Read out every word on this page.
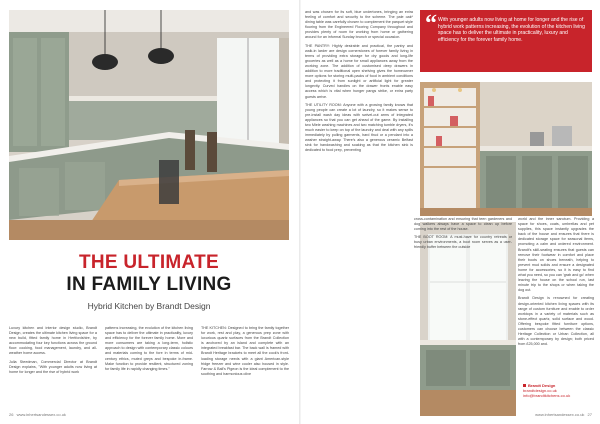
THE ULTIMATE
IN FAMILY LIVING
Hybrid Kitchen by Brandt Design

Luxury kitchen and interior design studio, Brandt Design, creates the ultimate kitchen living space for a new build, fitted family home in Hertfordshire, by accommodating four key functions across the ground floor: cooking, food management, laundry, and all-weather home access.

Julia Steedman, Commercial Director at Brandt Design explains, "With younger adults now living at home for longer and the rise of hybrid work

patterns increasing, the evolution of the kitchen living space has to deliver the ultimate in practicality, luxury and efficiency for the forever family home. More and more consumers are taking a long-term, holistic approach to design with contemporary classic colours and materials coming to the fore in terms of mid-century ethics, muted greys and bespoke in-frame. Make function to provide resilient, structured zoning for family life in rapidly changing times."

THE KITCHEN: Designed to bring the family together for work, rest and play, a generous prep zone with luxurious quartz surfaces from the Brandt Collection is anchored by an island and complete with an integrated breakfast bar. The back wall is framed with Brandt Heritage brackets to meet all the cook's front-loading storage needs with a giant American-style fridge freezer and wine cooler also housed in style. Farrow & Ball's Pigeon is the ideal complement to the soothing and harmonious olive

26 www.inhertsandessex.co.uk

and was chosen for its soft, blue undertones, bringing an extra feeling of comfort and security to the scheme. The pale oak* dining table was carefully chosen to complement the parquet style flooring from the Engineered Flooring Company throughout and provides plenty of room for working from home or gathering around for an informal Sunday brunch or special occasion.

THE PANTRY: Highly desirable and practical, the pantry and walk-in larder are design cornerstones of forever family living in terms of providing extra storage for dry goods and long-life groceries as well as a home for small appliances away from the working zone. The addition of customised deep drawers in addition to more traditional open shelving gives the homeowner more options for storing multi-packs of food in ambient conditions and protecting it from sunlight or artificial light for greater longevity. Curved handles on the drawer fronts enable easy access which is vital when hunger pangs strike, or extra party guests arrive.

THE UTILITY ROOM: Anyone with a growing family knows that young people can create a lot of laundry, so it makes sense to pre-install wash day ideas with swivel-out arms of integrated appliances so that you can get ahead of the game. By installing two Miele washing machines and two matching tumble dryers, it's much easier to keep on top of the laundry and deal with any spills immediately by pulling garments, hard thud or a pendant into a washer straight-away. There's also a generous ceramic Belfast sink for handwashing and soaking as that the kitchen sink is dedicated to food prep, preventing

“ With younger adults now living at home for longer and the rise of hybrid work patterns increasing, the evolution of the kitchen living space has to deliver the ultimate in practicality, luxury and efficiency for the forever family home.

cross-contamination and ensuring that teen gardeners and dog walkers always have a space to clean up before coming into the rest of the house.

THE BOOT ROOM: A must-have for country retreats or busy urban environments, a boot room serves as a user-friendly buffer between the outside

world and the inner sanctum. Providing a space for shoes, coats, umbrellas and pet supplies, this space instantly upgrades the back of the house and ensures that there is dedicated storage space for seasonal items, promoting a calm and ordered environment. Brandt's skill-seating ensures that guests can remove their footwear in comfort and place their boots on shoes beneath, helping to prevent mud solids and ensure a designated home for accessories, so it is easy to find what you need, so you can 'grab and go' when leaving the house on the school run, last minute trip to the shops or when taking the dog out.

Brandt Design is renowned for creating design-oriented kitchen living spaces with its range of custom furniture and enable to order worktops in a variety of materials such as stone-effect quartz, solid surface and wood. Offering bespoke fitted furniture options, customers can choose between the classic Heritage Collection or Urban Collection, all with a contemporary by design; both priced from £25,000 and.

Brandt Design
brandtdesign.co.uk
info@brandtkitchens.co.uk
www.inhertsandessex.co.uk 27
